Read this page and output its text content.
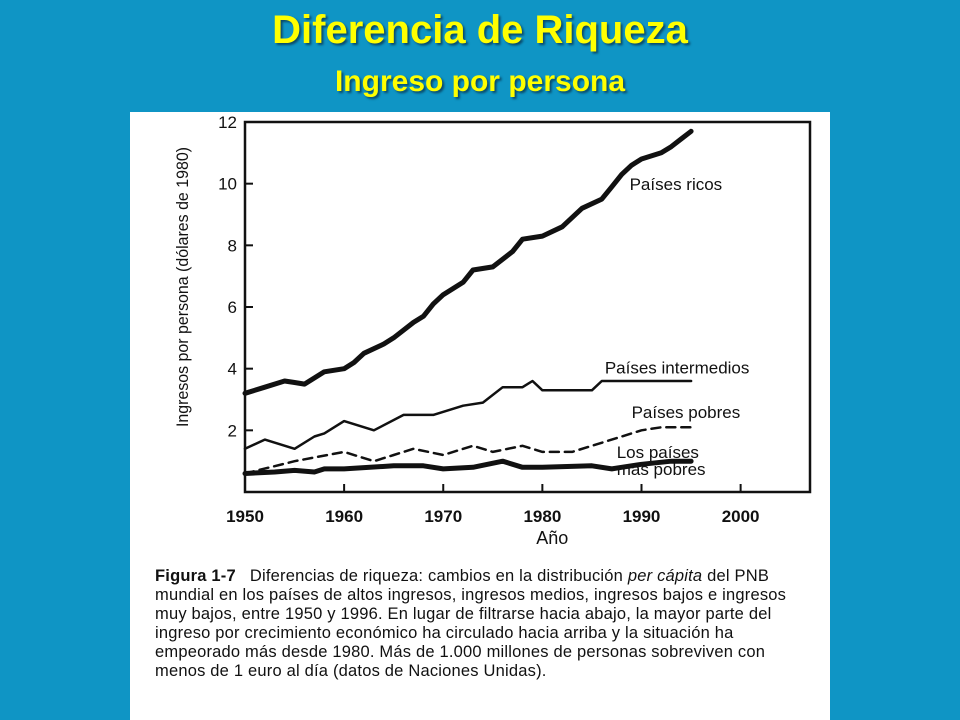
Diferencia de Riqueza
Ingreso por persona
2
4
6
8
10
12
1950	1960	1970	1980	1990	2000
Año
Ingresos por persona (dólares de 1980)	Países ricos
Países intermedios
Países pobres
Los países
más pobres
Figura 1-7 Diferencias de riqueza: cambios en la distribución per cápita del PNB mundial en los países de altos ingresos, ingresos medios, ingresos bajos e ingresos muy bajos, entre 1950 y 1996. En lugar de filtrarse hacia abajo, la mayor parte del ingreso por crecimiento económico ha circulado hacia arriba y la situación ha empeorado más desde 1980. Más de 1.000 millones de personas sobreviven con menos de 1 euro al día (datos de Naciones Unidas).
